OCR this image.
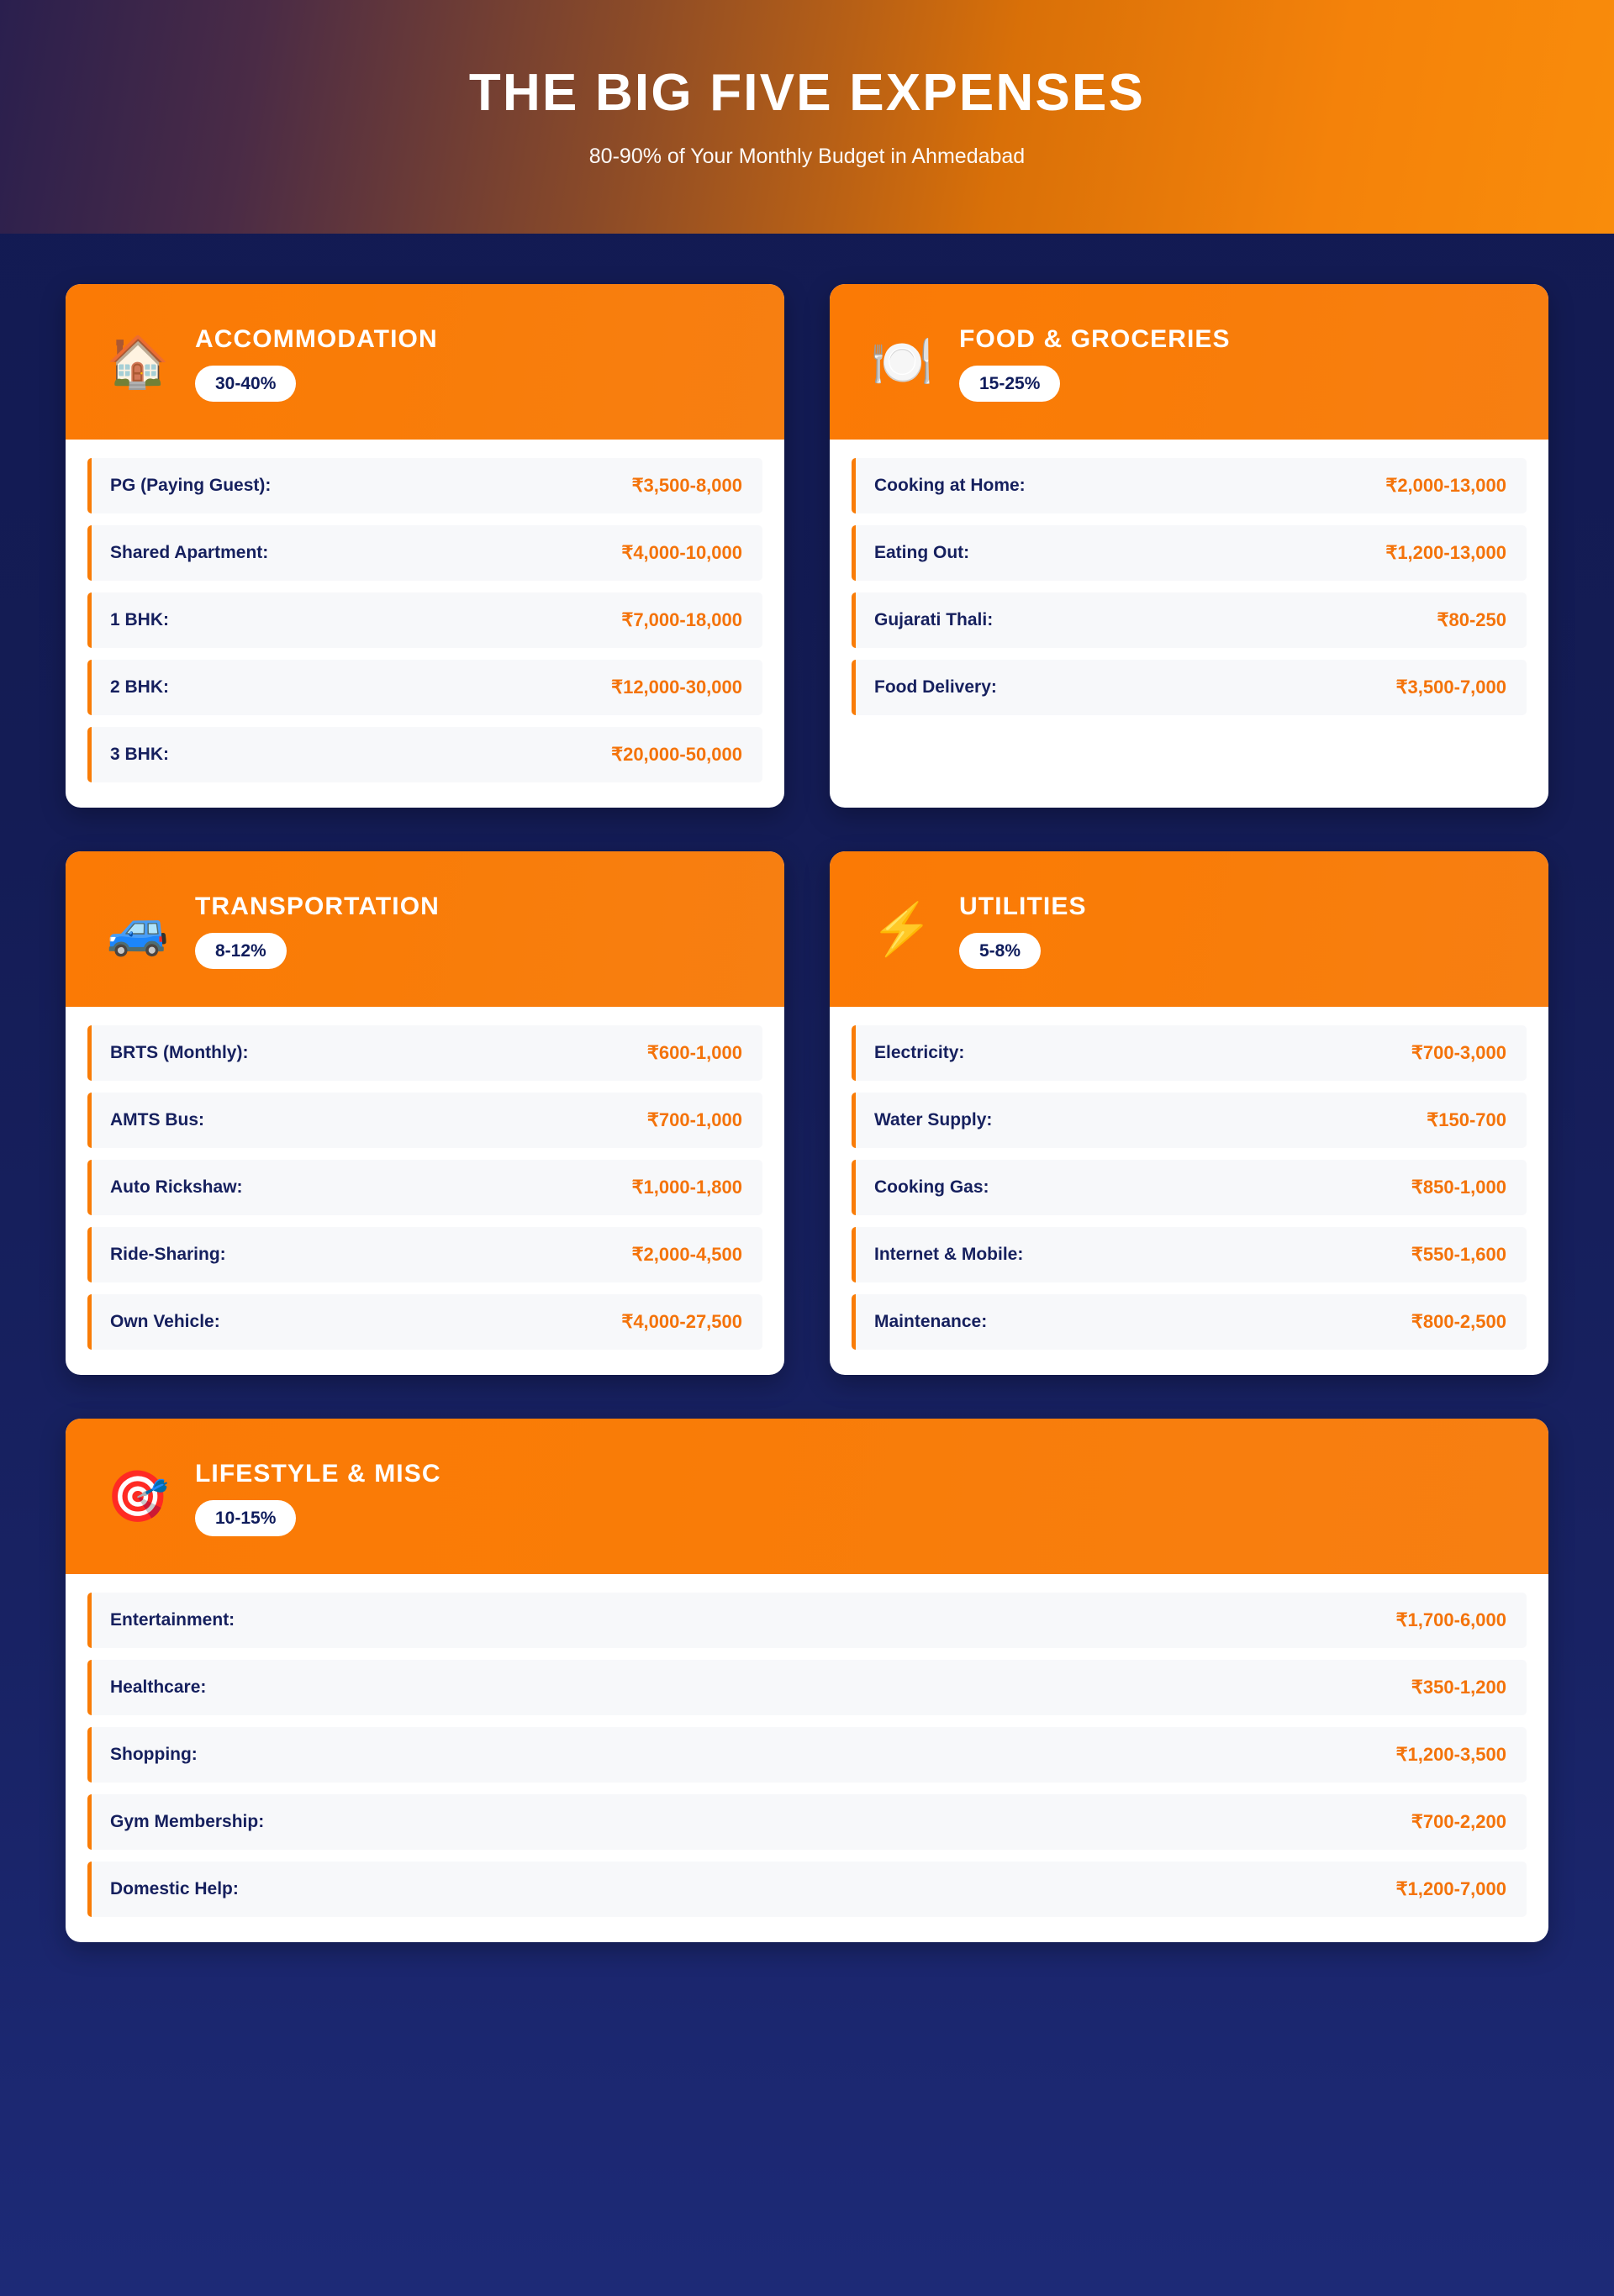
THE BIG FIVE EXPENSES
80-90% of Your Monthly Budget in Ahmedabad
🏠 ACCOMMODATION
30-40%
PG (Paying Guest):	₹3,500-8,000
Shared Apartment:	₹4,000-10,000
1 BHK:	₹7,000-18,000
2 BHK:	₹12,000-30,000
3 BHK:	₹20,000-50,000
🍽️ FOOD & GROCERIES
15-25%
Cooking at Home:	₹2,000-13,000
Eating Out:	₹1,200-13,000
Gujarati Thali:	₹80-250
Food Delivery:	₹3,500-7,000
🚙 TRANSPORTATION
8-12%
BRTS (Monthly):	₹600-1,000
AMTS Bus:	₹700-1,000
Auto Rickshaw:	₹1,000-1,800
Ride-Sharing:	₹2,000-4,500
Own Vehicle:	₹4,000-27,500
⚡ UTILITIES
5-8%
Electricity:	₹700-3,000
Water Supply:	₹150-700
Cooking Gas:	₹850-1,000
Internet & Mobile:	₹550-1,600
Maintenance:	₹800-2,500
🎯 LIFESTYLE & MISC
10-15%
Entertainment:	₹1,700-6,000
Healthcare:	₹350-1,200
Shopping:	₹1,200-3,500
Gym Membership:	₹700-2,200
Domestic Help:	₹1,200-7,000
